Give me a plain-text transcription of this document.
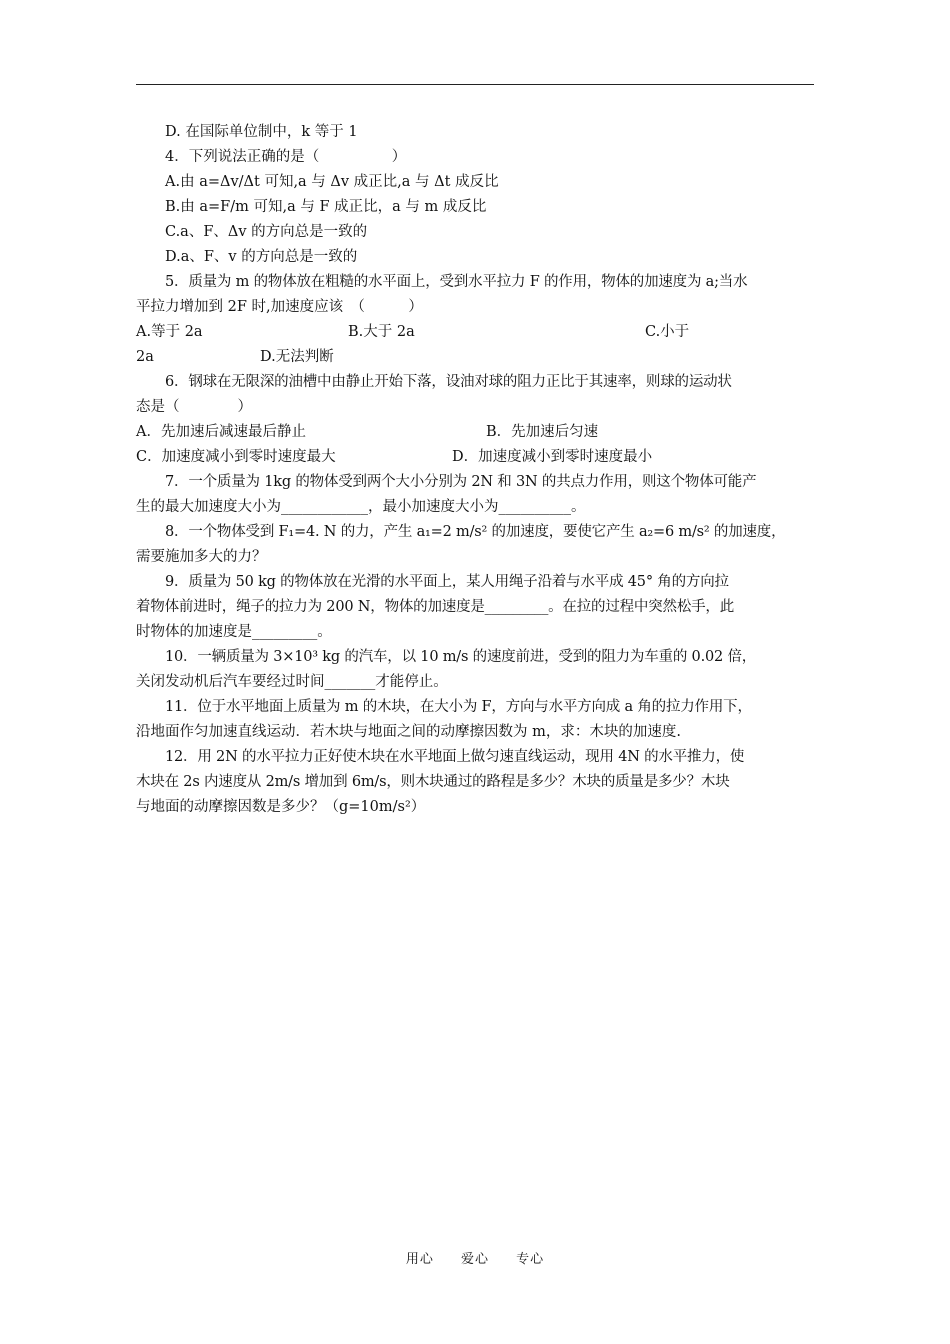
D. 在国际单位制中，k 等于 1
4．下列说法正确的是（　　　　　）
A.由 a=Δv/Δt 可知,a 与 Δv 成正比,a 与 Δt 成反比
B.由 a=F/m 可知,a 与 F 成正比，a 与 m 成反比
C.a、F、Δv 的方向总是一致的
D.a、F、v 的方向总是一致的
5．质量为 m 的物体放在粗糙的水平面上，受到水平拉力 F 的作用，物体的加速度为 a;当水
平拉力增加到 2F 时,加速度应该　（　　　）
A.等于 2a	B.大于 2a	C.小于
2a	D.无法判断
6．钢球在无限深的油槽中由静止开始下落，设油对球的阻力正比于其速率，则球的运动状
态是（　　　　）
A．先加速后减速最后静止	B．先加速后匀速
C．加速度减小到零时速度最大	D．加速度减小到零时速度最小
7．一个质量为 1kg 的物体受到两个大小分别为 2N 和 3N 的共点力作用，则这个物体可能产
生的最大加速度大小为____________，最小加速度大小为__________。
8．一个物体受到 F₁=4. N 的力，产生 a₁=2 m/s² 的加速度，要使它产生 a₂=6 m/s² 的加速度，
需要施加多大的力？
9．质量为 50 kg 的物体放在光滑的水平面上，某人用绳子沿着与水平成 45° 角的方向拉
着物体前进时，绳子的拉力为 200 N，物体的加速度是_________。在拉的过程中突然松手，此
时物体的加速度是_________。
10．一辆质量为 3×10³ kg 的汽车，以 10 m/s 的速度前进，受到的阻力为车重的 0.02 倍，
关闭发动机后汽车要经过时间_______才能停止。
11．位于水平地面上质量为 m 的木块，在大小为 F，方向与水平方向成 a 角的拉力作用下，
沿地面作匀加速直线运动．若木块与地面之间的动摩擦因数为 m，求：木块的加速度.
12．用 2N 的水平拉力正好使木块在水平地面上做匀速直线运动，现用 4N 的水平推力，使
木块在 2s 内速度从 2m/s 增加到 6m/s，则木块通过的路程是多少？木块的质量是多少？木块
与地面的动摩擦因数是多少？（g=10m/s²）
用心 爱心 专心
